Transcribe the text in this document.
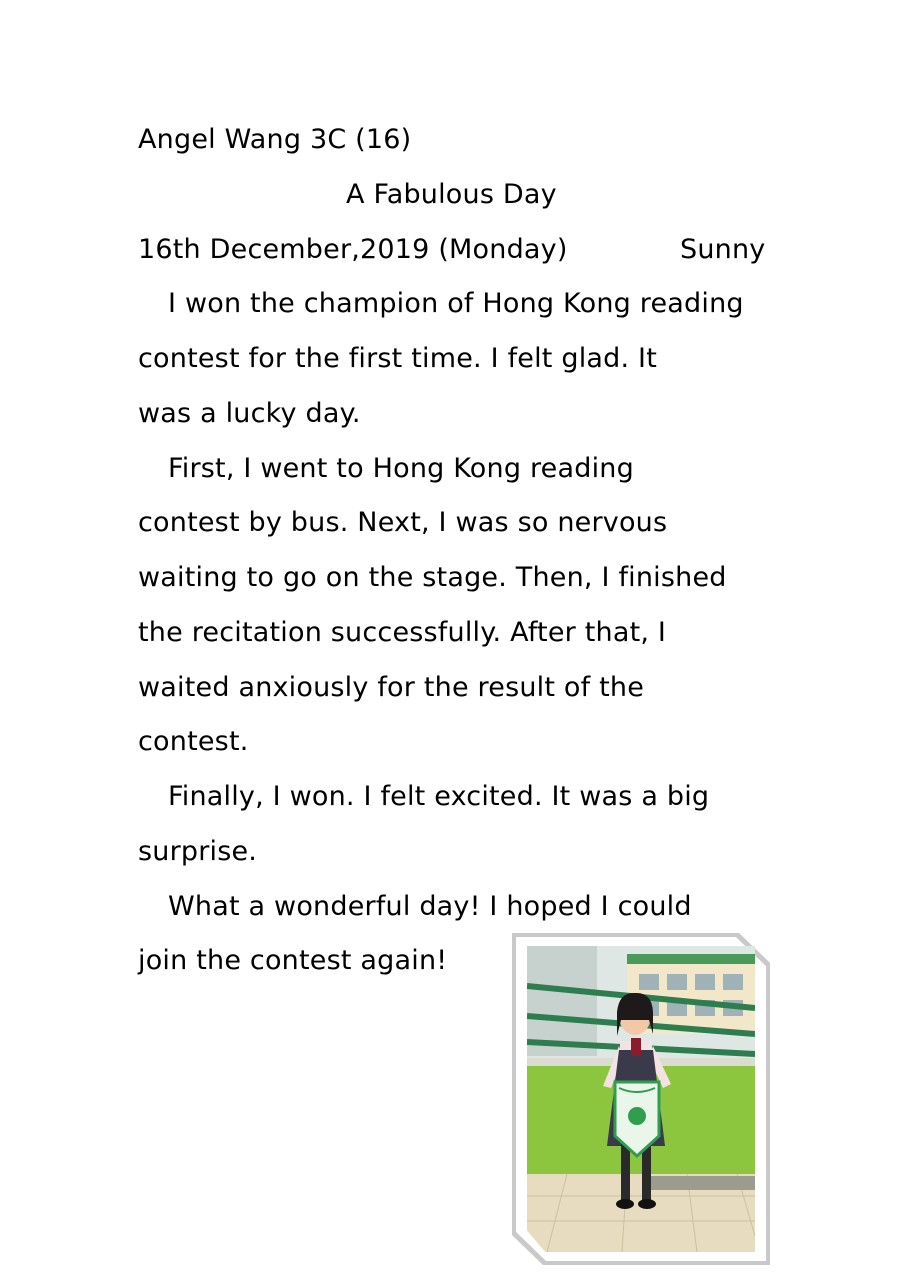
Angel Wang 3C (16)
A Fabulous Day
16th December,2019 (Monday)	Sunny
I won the champion of Hong Kong reading
contest for the first time. I felt glad. It
was a lucky day.
First, I went to Hong Kong reading
contest by bus. Next, I was so nervous
waiting to go on the stage. Then, I finished
the recitation successfully. After that, I
waited anxiously for the result of the
contest.
Finally, I won. I felt excited. It was a big
surprise.
What a wonderful day! I hoped I could
join the contest again!
